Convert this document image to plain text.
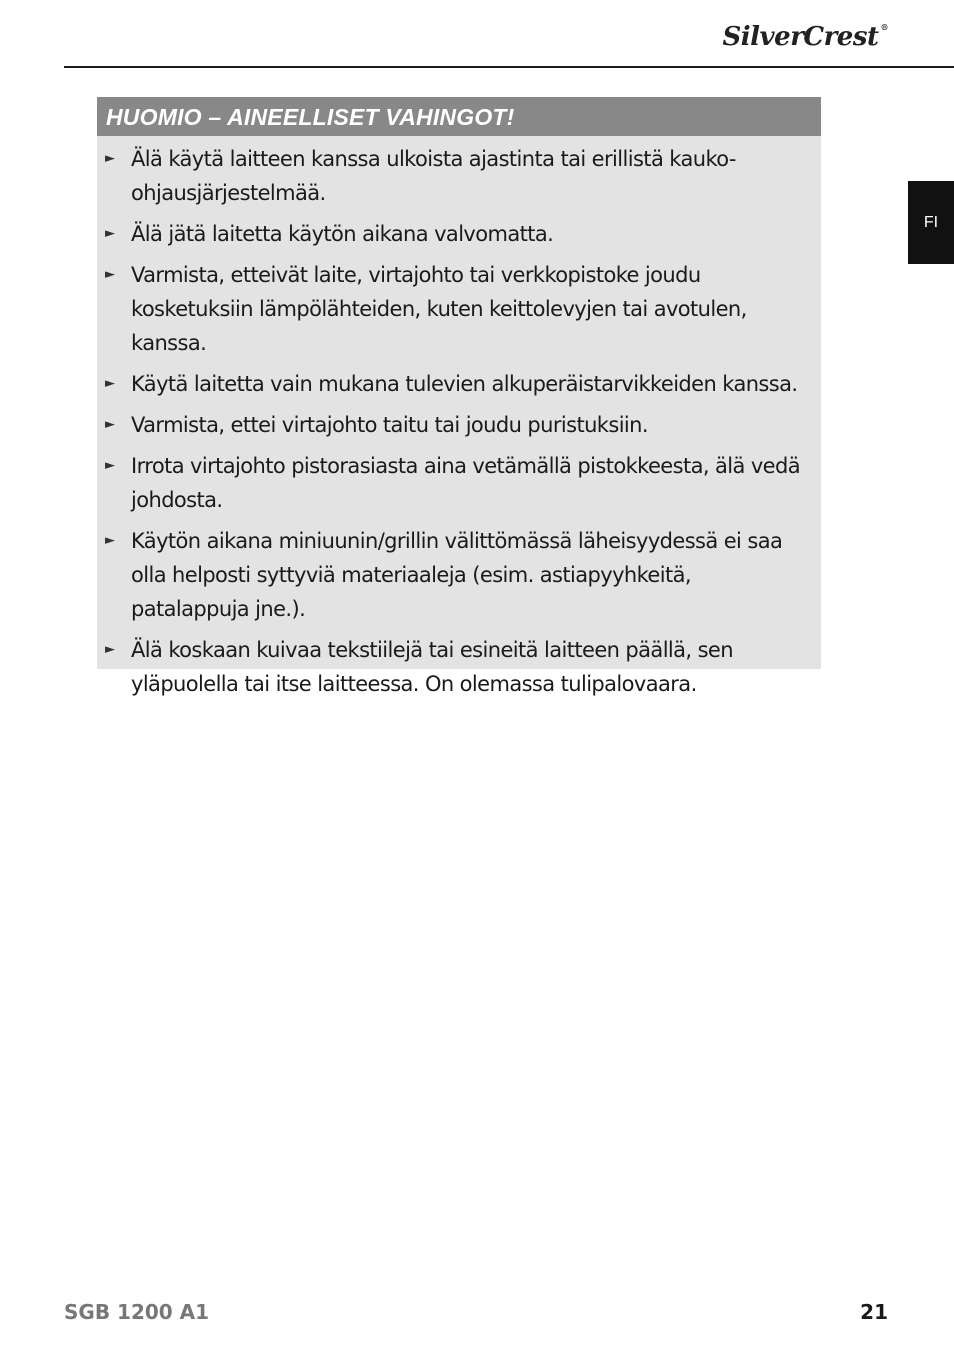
SilverCrest ®
FI
HUOMIO – AINEELLISET VAHINGOT!
► Älä käytä laitteen kanssa ulkoista ajastinta tai erillistä kauko-ohjausjärjestelmää.
► Älä jätä laitetta käytön aikana valvomatta.
► Varmista, etteivät laite, virtajohto tai verkkopistoke joudu kosketuksiin lämpölähteiden, kuten keittolevyjen tai avotulen, kanssa.
► Käytä laitetta vain mukana tulevien alkuperäistarvikkeiden kanssa.
► Varmista, ettei virtajohto taitu tai joudu puristuksiin.
► Irrota virtajohto pistorasiasta aina vetämällä pistokkeesta, älä vedä johdosta.
► Käytön aikana miniuunin/grillin välittömässä läheisyydessä ei saa olla helposti syttyviä materiaaleja (esim. astiapyyhkeitä, patalappuja jne.).
► Älä koskaan kuivaa tekstiilejä tai esineitä laitteen päällä, sen yläpuolella tai itse laitteessa. On olemassa tulipalovaara.
SGB 1200 A1	21
